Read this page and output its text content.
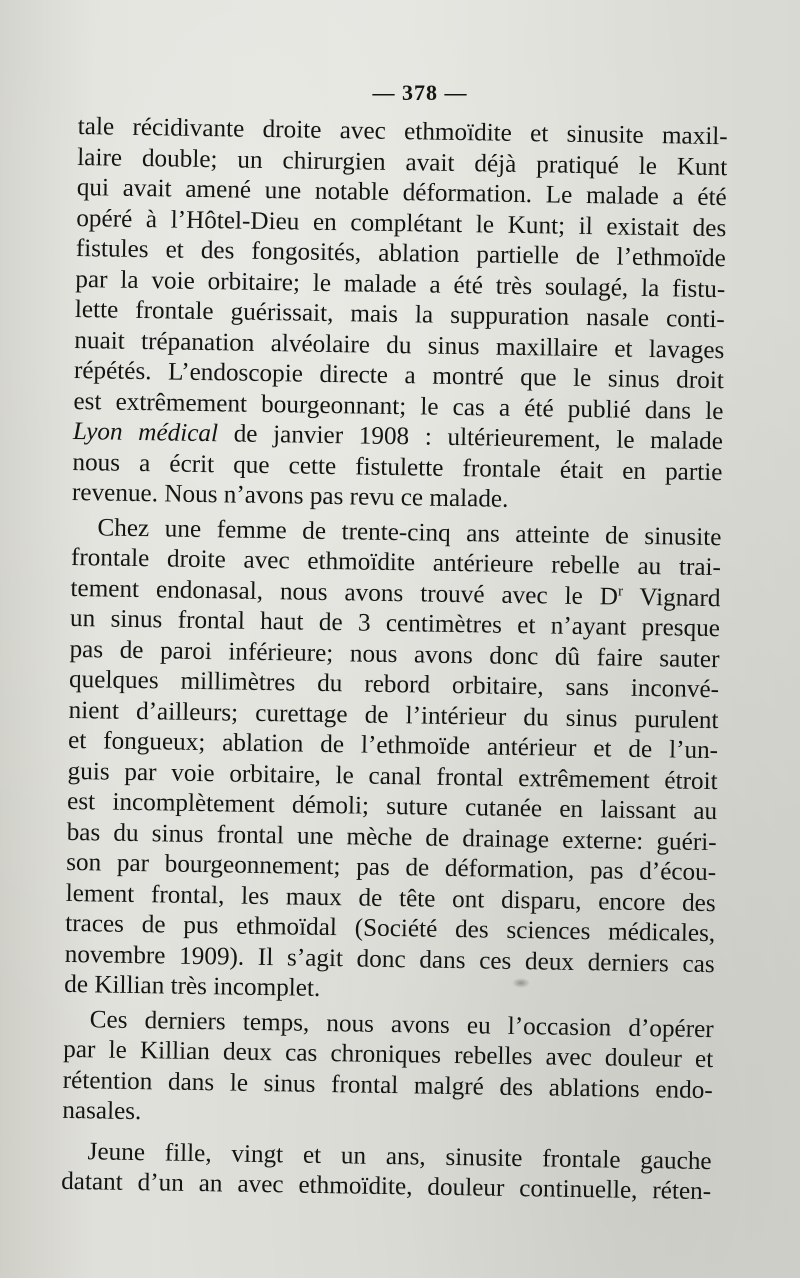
— 378 —
tale récidivante droite avec ethmoïdite et sinusite maxil-
laire double; un chirurgien avait déjà pratiqué le Kunt
qui avait amené une notable déformation. Le malade a été
opéré à l’Hôtel-Dieu en complétant le Kunt; il existait des
fistules et des fongosités, ablation partielle de l’ethmoïde
par la voie orbitaire; le malade a été très soulagé, la fistu-
lette frontale guérissait, mais la suppuration nasale conti-
nuait trépanation alvéolaire du sinus maxillaire et lavages
répétés. L’endoscopie directe a montré que le sinus droit
est extrêmement bourgeonnant; le cas a été publié dans le
Lyon médical de janvier 1908 : ultérieurement, le malade
nous a écrit que cette fistulette frontale était en partie
revenue. Nous n’avons pas revu ce malade.
Chez une femme de trente-cinq ans atteinte de sinusite
frontale droite avec ethmoïdite antérieure rebelle au trai-
tement endonasal, nous avons trouvé avec le $D^r$ Vignard
un sinus frontal haut de 3 centimètres et n’ayant presque
pas de paroi inférieure; nous avons donc dû faire sauter
quelques millimètres du rebord orbitaire, sans inconvé-
nient d’ailleurs; curettage de l’intérieur du sinus purulent
et fongueux; ablation de l’ethmoïde antérieur et de l’un-
guis par voie orbitaire, le canal frontal extrêmement étroit
est incomplètement démoli; suture cutanée en laissant au
bas du sinus frontal une mèche de drainage externe: guéri-
son par bourgeonnement; pas de déformation, pas d’écou-
lement frontal, les maux de tête ont disparu, encore des
traces de pus ethmoïdal (Société des sciences médicales,
novembre 1909). Il s’agit donc dans ces deux derniers cas
de Killian très incomplet.
Ces derniers temps, nous avons eu l’occasion d’opérer
par le Killian deux cas chroniques rebelles avec douleur et
rétention dans le sinus frontal malgré des ablations endo-
nasales.
Jeune fille, vingt et un ans, sinusite frontale gauche
datant d’un an avec ethmoïdite, douleur continuelle, réten-
